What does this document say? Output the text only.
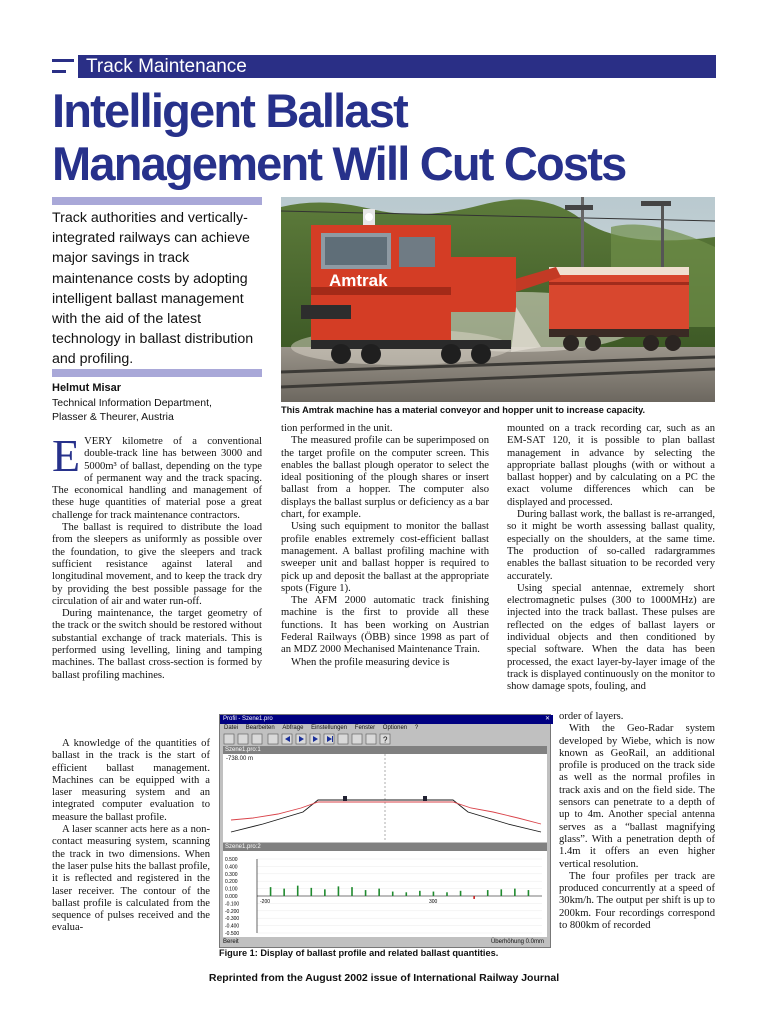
Track Maintenance
Intelligent Ballast
Management Will Cut Costs
Track authorities and vertically-integrated railways can achieve major savings in track maintenance costs by adopting intelligent ballast management with the aid of the latest technology in ballast distribution and profiling.
Helmut Misar
Technical Information Department,
Plasser & Theurer, Austria
Amtrak
This Amtrak machine has a material conveyor and hopper unit to increase capacity.

EVERY kilometre of a conventional double-track line has between 3000 and 5000m³ of ballast, depending on the type of permanent way and the track spacing. The economical handling and management of these huge quantities of material pose a great challenge for track maintenance contractors.

The ballast is required to distribute the load from the sleepers as uniformly as possible over the foundation, to give the sleepers and track sufficient resistance against lateral and longitudinal movement, and to keep the track dry by providing the best possible passage for the circulation of air and water run-off.

During maintenance, the target geometry of the track or the switch should be restored without substantial exchange of track materials. This is performed using levelling, lining and tamping machines. The ballast cross-section is formed by ballast profiling machines.

A knowledge of the quantities of ballast in the track is the start of efficient ballast management. Machines can be equipped with a laser measuring system and an integrated computer evaluation to measure the ballast profile.

A laser scanner acts here as a non-contact measuring system, scanning the track in two dimensions. When the laser pulse hits the ballast profile, it is reflected and registered in the laser receiver. The contour of the ballast profile is calculated from the sequence of pulses received and the evalua-

tion performed in the unit.

The measured profile can be superimposed on the target profile on the computer screen. This enables the ballast plough operator to select the ideal positioning of the plough shares or insert ballast from a hopper. The computer also displays the ballast surplus or deficiency as a bar chart, for example.

Using such equipment to monitor the ballast profile enables extremely cost-efficient ballast management. A ballast profiling machine with sweeper unit and ballast hopper is required to pick up and deposit the ballast at the appropriate spots (Figure 1).

The AFM 2000 automatic track finishing machine is the first to provide all these functions. It has been working on Austrian Federal Railways (ÖBB) since 1998 as part of an MDZ 2000 Mechanised Maintenance Train.

When the profile measuring device is

mounted on a track recording car, such as an EM-SAT 120, it is possible to plan ballast management in advance by selecting the appropriate ballast ploughs (with or without a ballast hopper) and by calculating on a PC the exact volume differences which can be displayed and processed.

During ballast work, the ballast is re-arranged, so it might be worth assessing ballast quality, especially on the shoulders, at the same time. The production of so-called radargrammes enables the ballast situation to be recorded very accurately.

Using special antennae, extremely short electromagnetic pulses (300 to 1000MHz) are injected into the track ballast. These pulses are reflected on the edges of ballast layers or individual objects and then conditioned by special software. When the data has been processed, the exact layer-by-layer image of the track is displayed continuously on the monitor to show damage spots, fouling, and

order of layers.

With the Geo-Radar system developed by Wiebe, which is now known as GeoRail, an additional profile is produced on the track side as well as the normal profiles in track axis and on the field side. The sensors can penetrate to a depth of up to 4m. Another special antenna serves as a “ballast magnifying glass”. With a penetration depth of 1.4m it offers an even higher vertical resolution.

The four profiles per track are produced concurrently at a speed of 30km/h. The output per shift is up to 200km. Four recordings correspond to 800km of recorded

Profil - Szene1.pro	✕
Datei Bearbeiten Abfrage Einstellungen Fenster Optionen ?
?
Szene1.pro:1
-738.00 m
Szene1.pro:2
0.500
0.400
0.300
0.200
0.100
0.000
-0.100
-0.200
-0.300
-0.400
-0.500
-200	300
Bereit	Überhöhung 0.0mm
Figure 1: Display of ballast profile and related ballast quantities.
Reprinted from the August 2002 issue of International Railway Journal
